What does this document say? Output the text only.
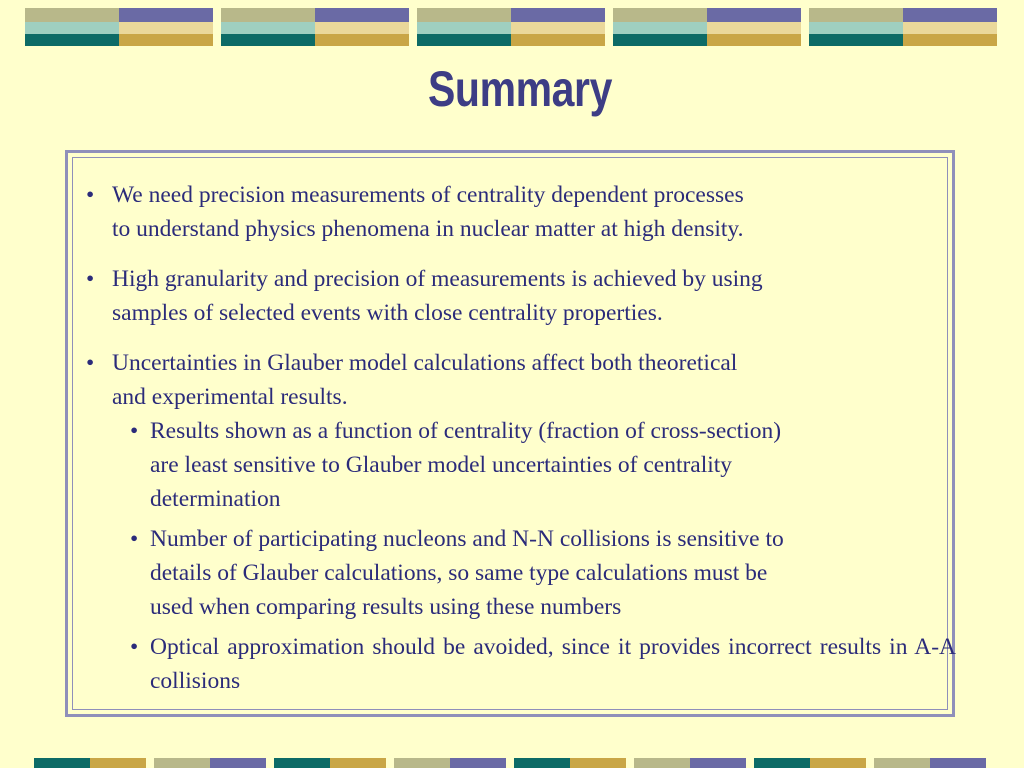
Summary
• We need precision measurements of centrality dependent processes
to understand physics phenomena in nuclear matter at high density.
• High granularity and precision of measurements is achieved by using
samples of selected events with close centrality properties.
• Uncertainties in Glauber model calculations affect both theoretical
and experimental results.
• Results shown as a function of centrality (fraction of cross-section)
are least sensitive to Glauber model uncertainties of centrality
determination
• Number of participating nucleons and N-N collisions is sensitive to
details of Glauber calculations, so same type calculations must be
used when comparing results using these numbers
• Optical approximation should be avoided, since it provides incorrect results in A-A collisions
